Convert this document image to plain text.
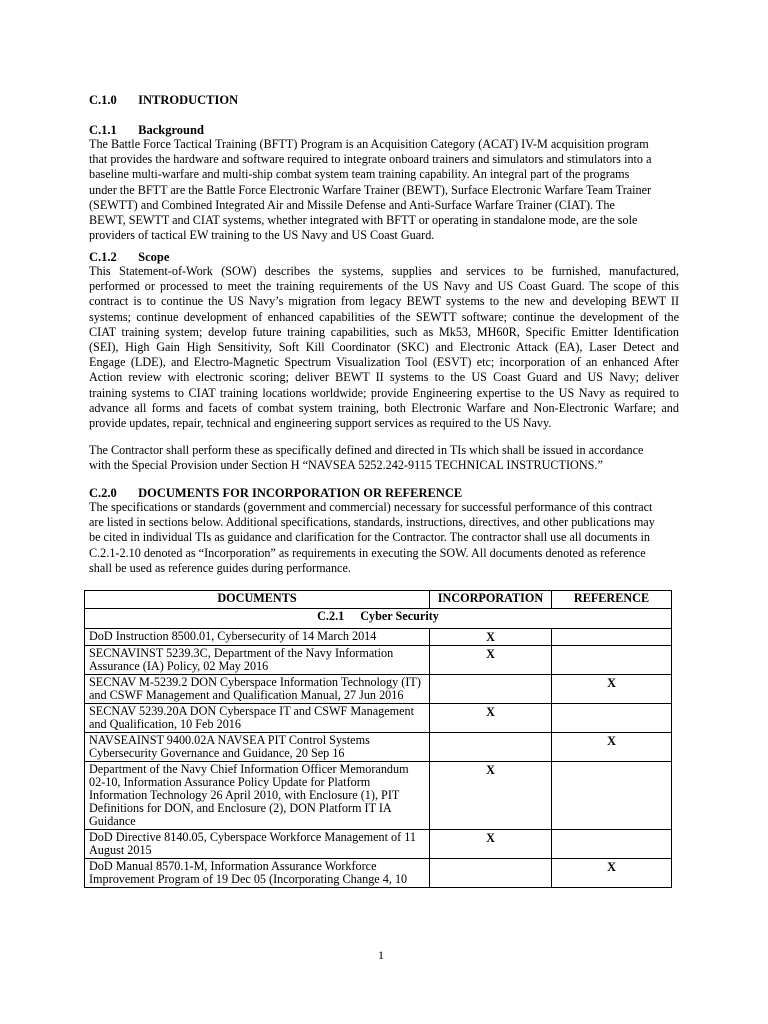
C.1.0 INTRODUCTION
C.1.1 Background
The Battle Force Tactical Training (BFTT) Program is an Acquisition Category (ACAT) IV-M acquisition program
that provides the hardware and software required to integrate onboard trainers and simulators and stimulators into a
baseline multi-warfare and multi-ship combat system team training capability. An integral part of the programs
under the BFTT are the Battle Force Electronic Warfare Trainer (BEWT), Surface Electronic Warfare Team Trainer
(SEWTT) and Combined Integrated Air and Missile Defense and Anti-Surface Warfare Trainer (CIAT). The
BEWT, SEWTT and CIAT systems, whether integrated with BFTT or operating in standalone mode, are the sole
providers of tactical EW training to the US Navy and US Coast Guard.
C.1.2 Scope
This Statement-of-Work (SOW) describes the systems, supplies and services to be furnished, manufactured,
performed or processed to meet the training requirements of the US Navy and US Coast Guard. The scope of this
contract is to continue the US Navy’s migration from legacy BEWT systems to the new and developing BEWT II
systems; continue development of enhanced capabilities of the SEWTT software; continue the development of the
CIAT training system; develop future training capabilities, such as Mk53, MH60R, Specific Emitter Identification
(SEI), High Gain High Sensitivity, Soft Kill Coordinator (SKC) and Electronic Attack (EA), Laser Detect and
Engage (LDE), and Electro-Magnetic Spectrum Visualization Tool (ESVT) etc; incorporation of an enhanced After
Action review with electronic scoring; deliver BEWT II systems to the US Coast Guard and US Navy; deliver
training systems to CIAT training locations worldwide; provide Engineering expertise to the US Navy as required to
advance all forms and facets of combat system training, both Electronic Warfare and Non-Electronic Warfare; and
provide updates, repair, technical and engineering support services as required to the US Navy.
The Contractor shall perform these as specifically defined and directed in TIs which shall be issued in accordance
with the Special Provision under Section H “NAVSEA 5252.242-9115 TECHNICAL INSTRUCTIONS.”
C.2.0 DOCUMENTS FOR INCORPORATION OR REFERENCE
The specifications or standards (government and commercial) necessary for successful performance of this contract
are listed in sections below. Additional specifications, standards, instructions, directives, and other publications may
be cited in individual TIs as guidance and clarification for the Contractor. The contractor shall use all documents in
C.2.1-2.10 denoted as “Incorporation” as requirements in executing the SOW. All documents denoted as reference
shall be used as reference guides during performance.
DOCUMENTS	INCORPORATION	REFERENCE
C.2.1 Cyber Security		
DoD Instruction 8500.01, Cybersecurity of 14 March 2014	X	
SECNAVINST 5239.3C, Department of the Navy Information Assurance (IA) Policy, 02 May 2016	X	
SECNAV M-5239.2 DON Cyberspace Information Technology (IT) and CSWF Management and Qualification Manual, 27 Jun 2016		X
SECNAV 5239.20A DON Cyberspace IT and CSWF Management and Qualification, 10 Feb 2016	X	
NAVSEAINST 9400.02A NAVSEA PIT Control Systems Cybersecurity Governance and Guidance, 20 Sep 16		X
Department of the Navy Chief Information Officer Memorandum 02-10, Information Assurance Policy Update for Platform Information Technology 26 April 2010, with Enclosure (1), PIT Definitions for DON, and Enclosure (2), DON Platform IT IA Guidance	X	
DoD Directive 8140.05, Cyberspace Workforce Management of 11 August 2015	X	
DoD Manual 8570.1-M, Information Assurance Workforce Improvement Program of 19 Dec 05 (Incorporating Change 4, 10		X
1
